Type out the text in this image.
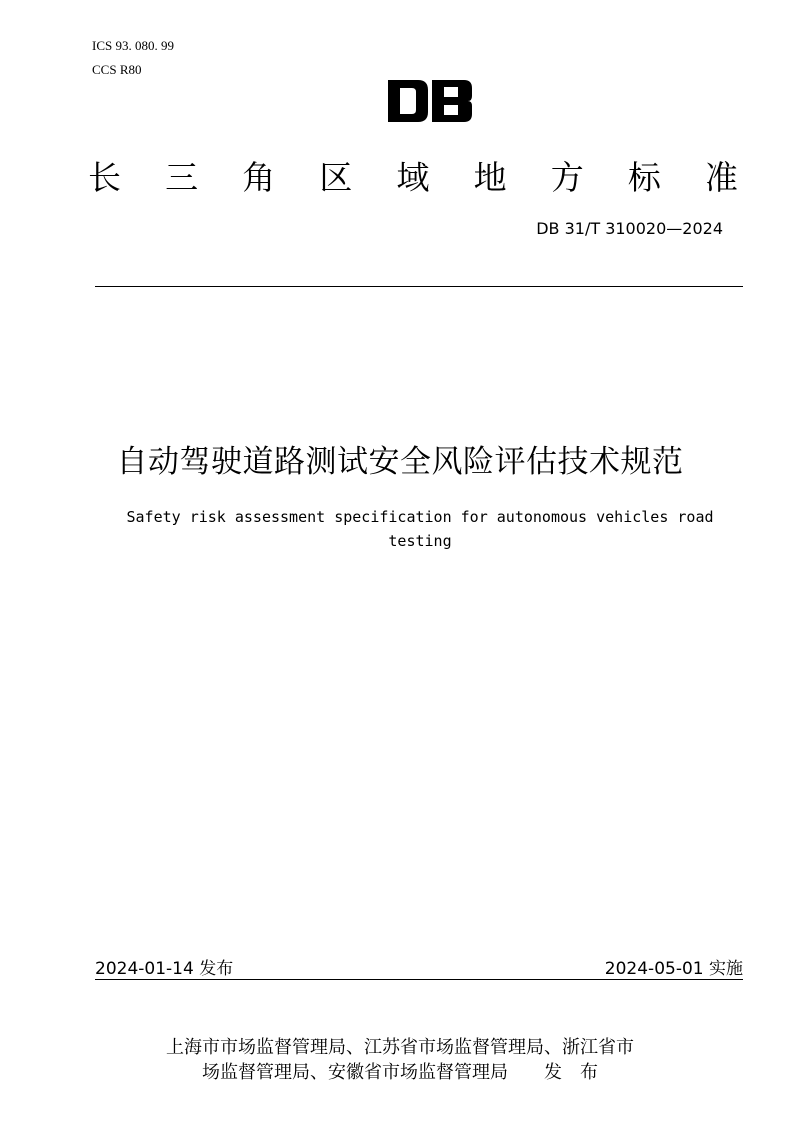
ICS 93. 080. 99
CCS R80
长 三 角 区 域 地 方 标 准
DB 31/T 310020—2024
自动驾驶道路测试安全风险评估技术规范
Safety risk assessment specification for autonomous vehicles road testing
2024-01-14 发布	2024-05-01 实施
上海市市场监督管理局、江苏省市场监督管理局、浙江省市
场监督管理局、安徽省市场监督管理局　　发　布
